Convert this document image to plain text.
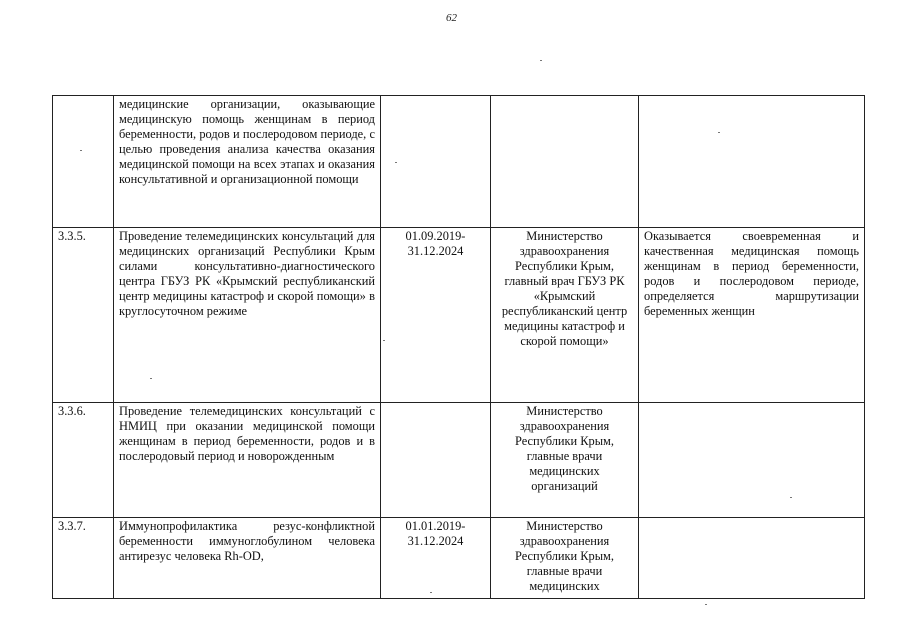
62
	медицинские организации, оказывающие медицинскую помощь женщинам в период беременности, родов и послеродовом периоде, с целью проведения анализа качества оказания медицинской помощи на всех этапах и оказания консультативной и организационной помощи			
3.3.5.	Проведение телемедицинских консультаций для медицинских организаций Республики Крым силами консультативно-диагностического центра ГБУЗ РК «Крымский республиканский центр медицины катастроф и скорой помощи» в круглосуточном режиме	01.09.2019-31.12.2024	Министерство здравоохранения Республики Крым, главный врач ГБУЗ РК «Крымский республиканский центр медицины катастроф и скорой помощи»	Оказывается своевременная и качественная медицинская помощь женщинам в период беременности, родов и послеродовом периоде, определяется маршрутизации беременных женщин
3.3.6.	Проведение телемедицинских консультаций с НМИЦ при оказании медицинской помощи женщинам в период беременности, родов и в послеродовый период и новорожденным		Министерство здравоохранения Республики Крым, главные врачи медицинских организаций	
3.3.7.	Иммунопрофилактика резус-конфликтной беременности иммуноглобулином человека антирезус человека Rh-OD,	01.01.2019-31.12.2024	Министерство здравоохранения Республики Крым, главные врачи медицинских	
